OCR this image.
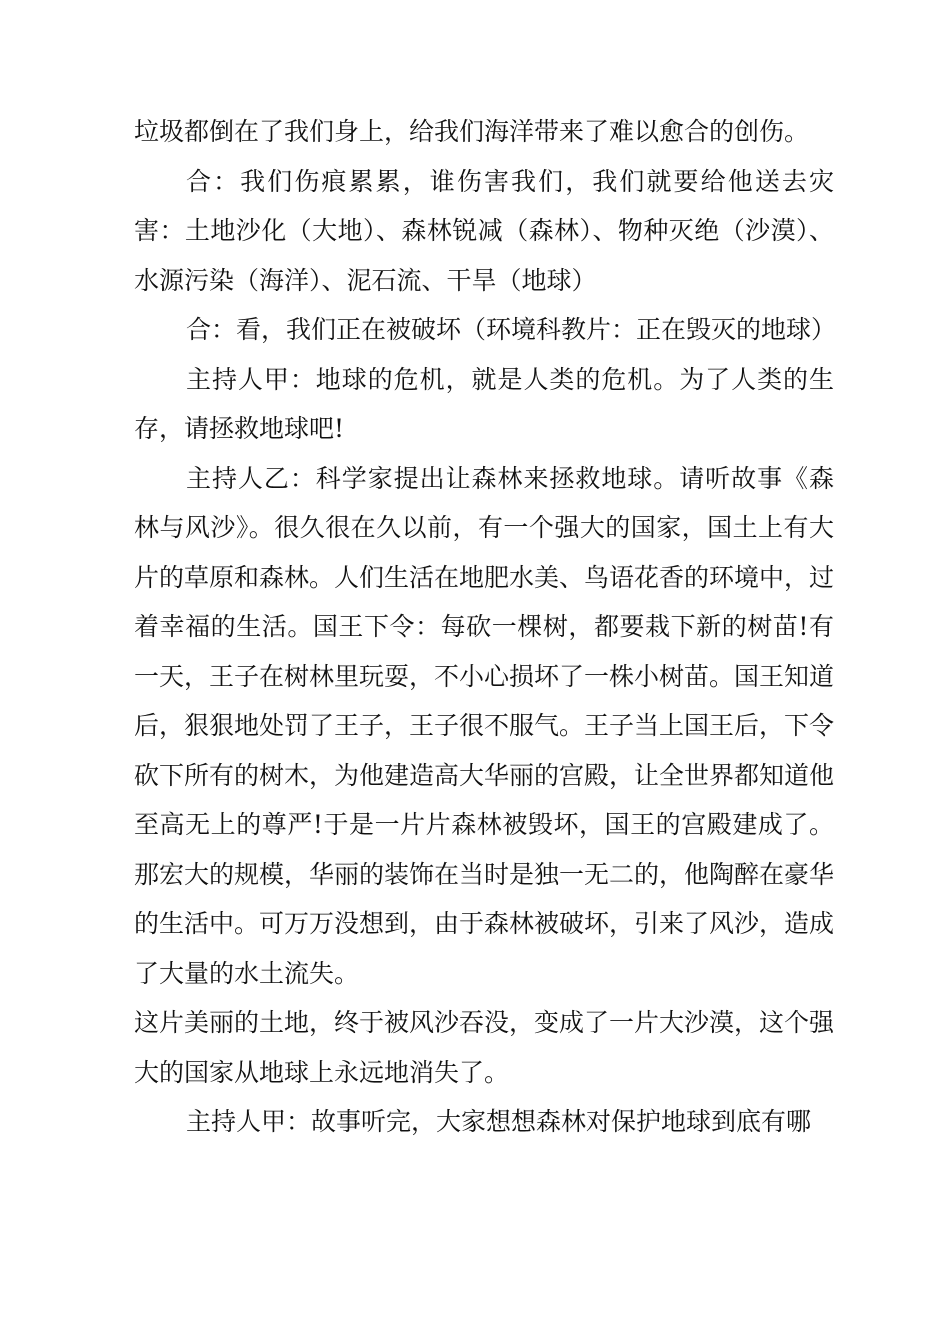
垃圾都倒在了我们身上，给我们海洋带来了难以愈合的创伤。

合：我们伤痕累累，谁伤害我们，我们就要给他送去灾害：土地沙化（大地）、森林锐减（森林）、物种灭绝（沙漠）、水源污染（海洋）、泥石流、干旱（地球）

合：看，我们正在被破坏（环境科教片：正在毁灭的地球）

主持人甲：地球的危机，就是人类的危机。为了人类的生存，请拯救地球吧!

主持人乙：科学家提出让森林来拯救地球。请听故事《森林与风沙》。很久很在久以前，有一个强大的国家，国土上有大片的草原和森林。人们生活在地肥水美、鸟语花香的环境中，过着幸福的生活。国王下令：每砍一棵树，都要栽下新的树苗!有一天，王子在树林里玩耍，不小心损坏了一株小树苗。国王知道后，狠狠地处罚了王子，王子很不服气。王子当上国王后，下令砍下所有的树木，为他建造高大华丽的宫殿，让全世界都知道他至高无上的尊严!于是一片片森林被毁坏，国王的宫殿建成了。那宏大的规模，华丽的装饰在当时是独一无二的，他陶醉在豪华的生活中。可万万没想到，由于森林被破坏，引来了风沙，造成了大量的水土流失。

这片美丽的土地，终于被风沙吞没，变成了一片大沙漠，这个强大的国家从地球上永远地消失了。

主持人甲：故事听完，大家想想森林对保护地球到底有哪
